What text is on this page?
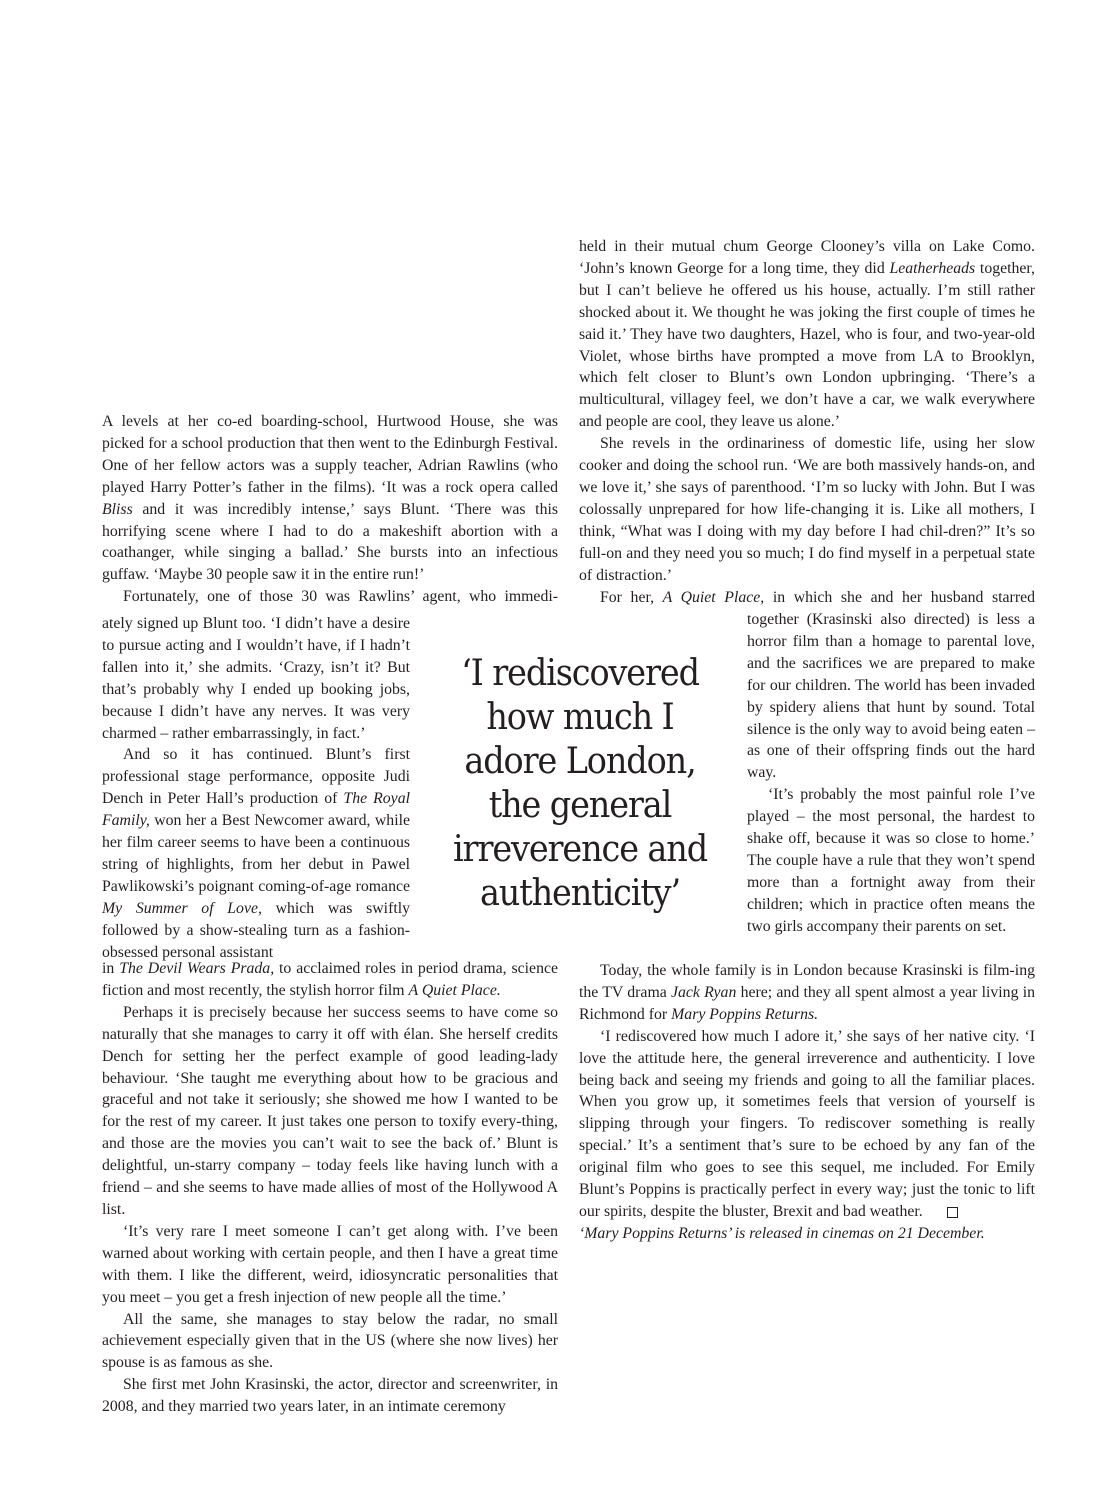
A levels at her co-ed boarding-school, Hurtwood House, she was picked for a school production that then went to the Edinburgh Festival. One of her fellow actors was a supply teacher, Adrian Rawlins (who played Harry Potter’s father in the films). ‘It was a rock opera called Bliss and it was incredibly intense,’ says Blunt. ‘There was this horrifying scene where I had to do a makeshift abortion with a coathanger, while singing a ballad.’ She bursts into an infectious guffaw. ‘Maybe 30 people saw it in the entire run!’

Fortunately, one of those 30 was Rawlins’ agent, who immedi-

ately signed up Blunt too. ‘I didn’t have a desire to pursue acting and I wouldn’t have, if I hadn’t fallen into it,’ she admits. ‘Crazy, isn’t it? But that’s probably why I ended up booking jobs, because I didn’t have any nerves. It was very charmed – rather embarrassingly, in fact.’

And so it has continued. Blunt’s first professional stage performance, opposite Judi Dench in Peter Hall’s production of The Royal Family, won her a Best Newcomer award, while her film career seems to have been a continuous string of highlights, from her debut in Pawel Pawlikowski’s poignant coming-of-age romance My Summer of Love, which was swiftly followed by a show-stealing turn as a fashion-obsessed personal assistant

in The Devil Wears Prada, to acclaimed roles in period drama, science fiction and most recently, the stylish horror film A Quiet Place.

Perhaps it is precisely because her success seems to have come so naturally that she manages to carry it off with élan. She herself credits Dench for setting her the perfect example of good leading-lady behaviour. ‘She taught me everything about how to be gracious and graceful and not take it seriously; she showed me how I wanted to be for the rest of my career. It just takes one person to toxify every-thing, and those are the movies you can’t wait to see the back of.’ Blunt is delightful, un-starry company – today feels like having lunch with a friend – and she seems to have made allies of most of the Hollywood A list.

‘It’s very rare I meet someone I can’t get along with. I’ve been warned about working with certain people, and then I have a great time with them. I like the different, weird, idiosyncratic personalities that you meet – you get a fresh injection of new people all the time.’

All the same, she manages to stay below the radar, no small achievement especially given that in the US (where she now lives) her spouse is as famous as she.

She first met John Krasinski, the actor, director and screenwriter, in 2008, and they married two years later, in an intimate ceremony

‘I rediscovered
how much I
adore London,
the general
irreverence and
authenticity’

held in their mutual chum George Clooney’s villa on Lake Como. ‘John’s known George for a long time, they did Leatherheads together, but I can’t believe he offered us his house, actually. I’m still rather shocked about it. We thought he was joking the first couple of times he said it.’ They have two daughters, Hazel, who is four, and two-year-old Violet, whose births have prompted a move from LA to Brooklyn, which felt closer to Blunt’s own London upbringing. ‘There’s a multicultural, villagey feel, we don’t have a car, we walk everywhere and people are cool, they leave us alone.’

She revels in the ordinariness of domestic life, using her slow cooker and doing the school run. ‘We are both massively hands-on, and we love it,’ she says of parenthood. ‘I’m so lucky with John. But I was colossally unprepared for how life-changing it is. Like all mothers, I think, “What was I doing with my day before I had chil-dren?” It’s so full-on and they need you so much; I do find myself in a perpetual state of distraction.’

For her, A Quiet Place, in which she and her husband starred

together (Krasinski also directed) is less a horror film than a homage to parental love, and the sacrifices we are prepared to make for our children. The world has been invaded by spidery aliens that hunt by sound. Total silence is the only way to avoid being eaten – as one of their offspring finds out the hard way.

‘It’s probably the most painful role I’ve played – the most personal, the hardest to shake off, because it was so close to home.’ The couple have a rule that they won’t spend more than a fortnight away from their children; which in practice often means the two girls accompany their parents on set.

Today, the whole family is in London because Krasinski is film-ing the TV drama Jack Ryan here; and they all spent almost a year living in Richmond for Mary Poppins Returns.

‘I rediscovered how much I adore it,’ she says of her native city. ‘I love the attitude here, the general irreverence and authenticity. I love being back and seeing my friends and going to all the familiar places. When you grow up, it sometimes feels that version of yourself is slipping through your fingers. To rediscover something is really special.’ It’s a sentiment that’s sure to be echoed by any fan of the original film who goes to see this sequel, me included. For Emily Blunt’s Poppins is practically perfect in every way; just the tonic to lift our spirits, despite the bluster, Brexit and bad weather.

‘Mary Poppins Returns’ is released in cinemas on 21 December.
